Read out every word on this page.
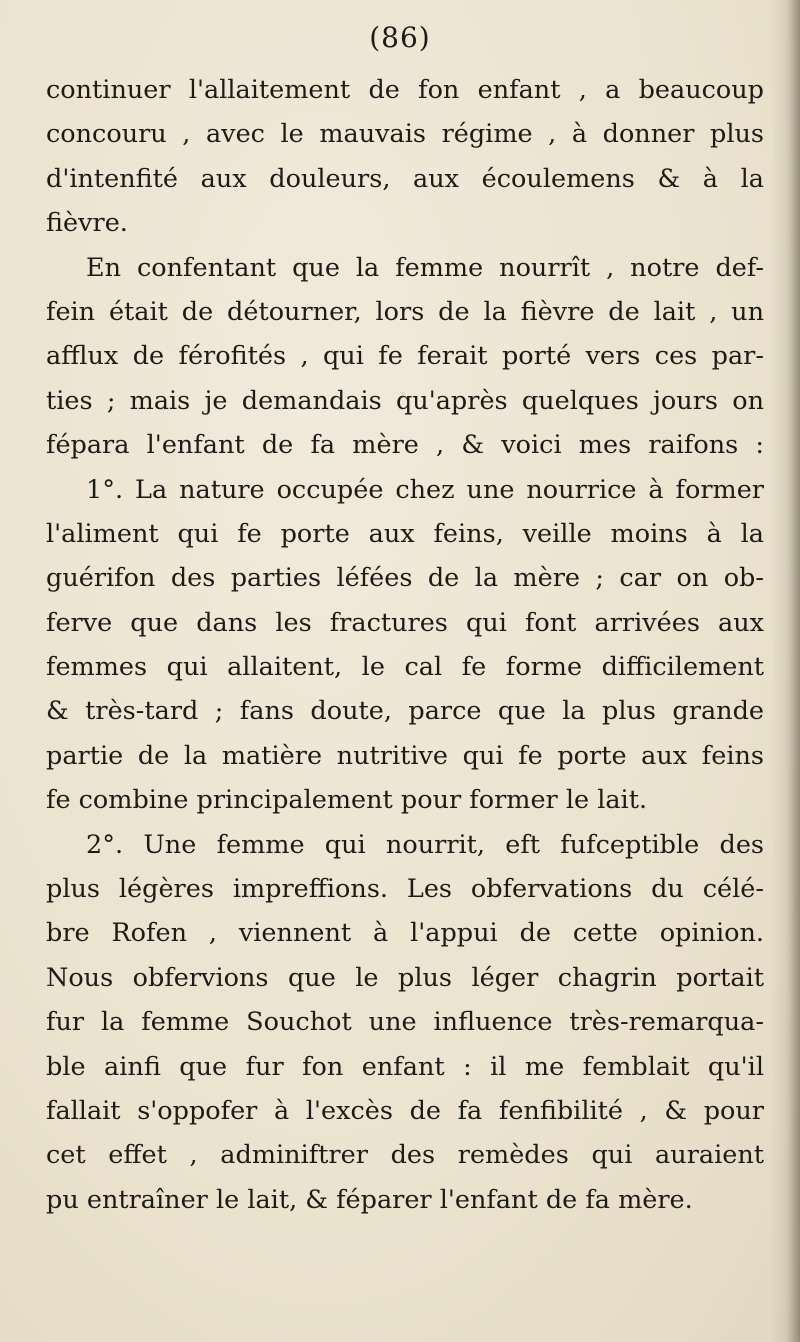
(86)
continuer l'allaitement de fon enfant , a beaucoup
concouru , avec le mauvais régime , à donner plus
d'intenfité aux douleurs, aux écoulemens & à la
fièvre.
En confentant que la femme nourrît , notre def-
fein était de détourner, lors de la fièvre de lait , un
afflux de férofités , qui fe ferait porté vers ces par-
ties ; mais je demandais qu'après quelques jours on
fépara l'enfant de fa mère , & voici mes raifons :
1°. La nature occupée chez une nourrice à former
l'aliment qui fe porte aux feins, veille moins à la
guérifon des parties léfées de la mère ; car on ob-
ferve que dans les fractures qui font arrivées aux
femmes qui allaitent, le cal fe forme difficilement
& très-tard ; fans doute, parce que la plus grande
partie de la matière nutritive qui fe porte aux feins
fe combine principalement pour former le lait.
2°. Une femme qui nourrit, eft fufceptible des
plus légères impreffions. Les obfervations du célé-
bre Rofen , viennent à l'appui de cette opinion.
Nous obfervions que le plus léger chagrin portait
fur la femme Souchot une influence très-remarqua-
ble ainfi que fur fon enfant : il me femblait qu'il
fallait s'oppofer à l'excès de fa fenfibilité , & pour
cet effet , adminiftrer des remèdes qui auraient
pu entraîner le lait, & féparer l'enfant de fa mère.
